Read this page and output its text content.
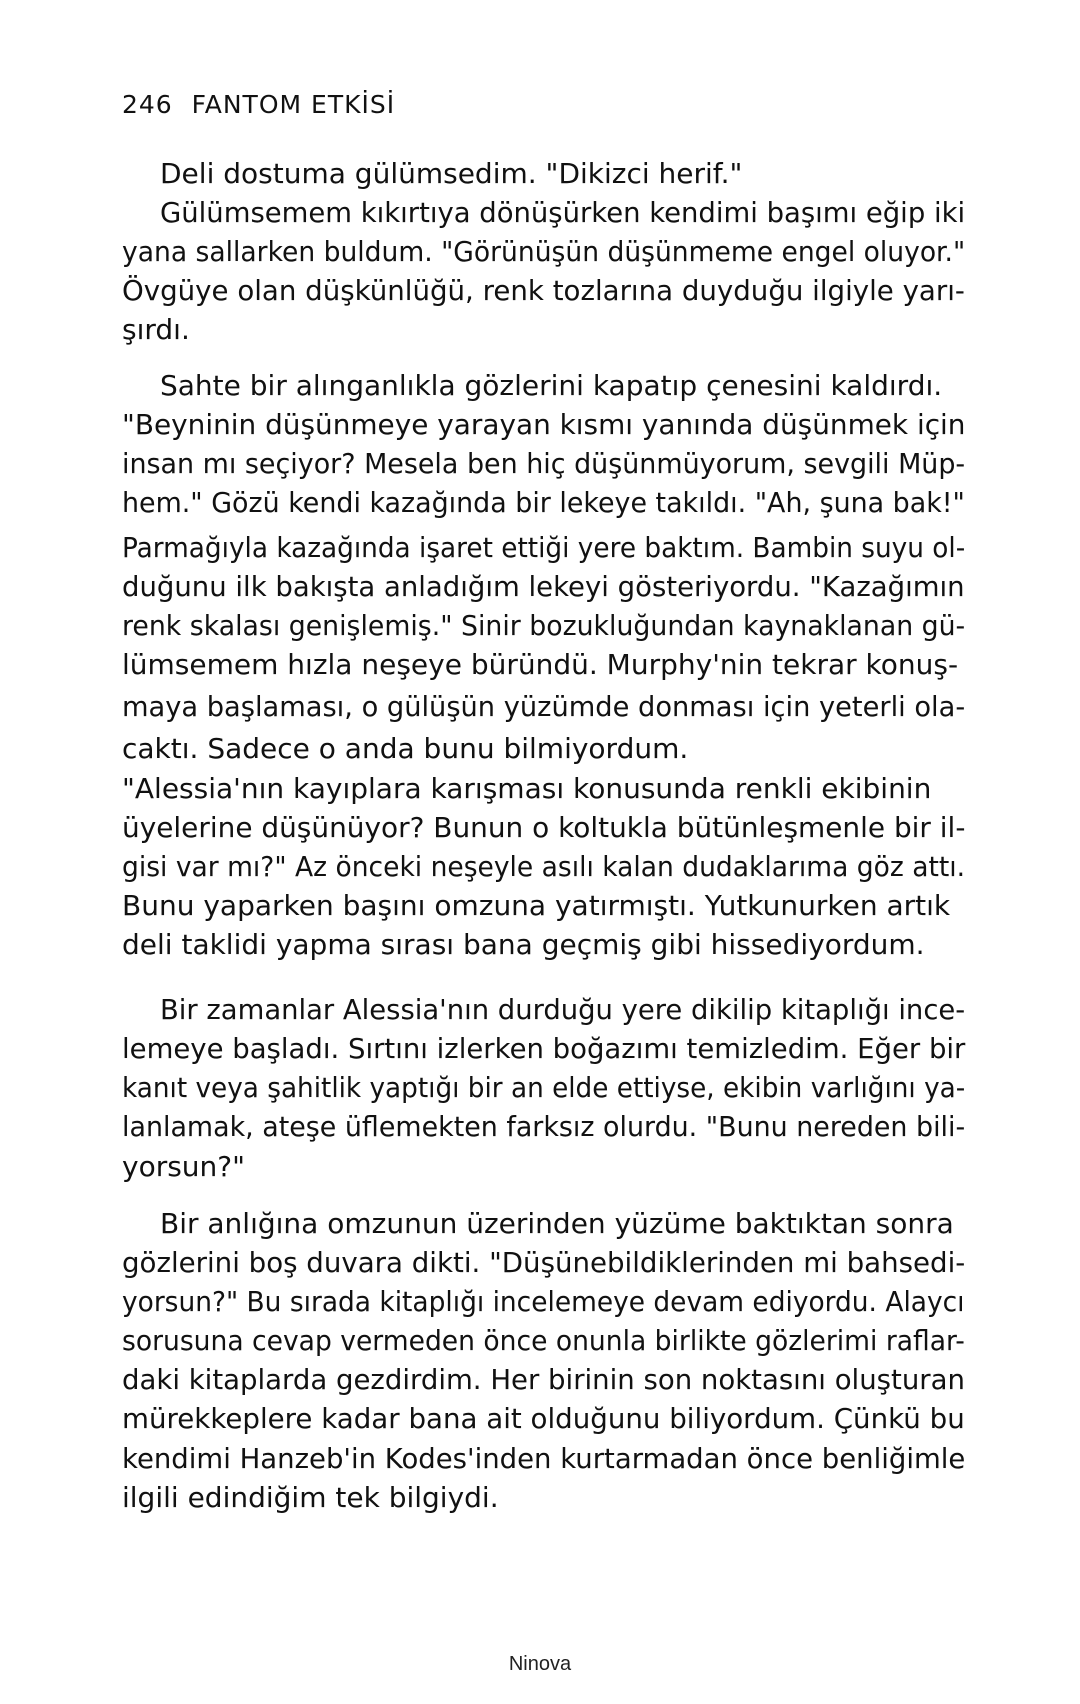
246 FANTOM ETKİSİ
Deli dostuma gülümsedim. "Dikizci herif."
Gülümsemem kıkırtıya dönüşürken kendimi başımı eğip iki
yana sallarken buldum. "Görünüşün düşünmeme engel oluyor."
Övgüye olan düşkünlüğü, renk tozlarına duyduğu ilgiyle yarı-
şırdı.
Sahte bir alınganlıkla gözlerini kapatıp çenesini kaldırdı.
"Beyninin düşünmeye yarayan kısmı yanında düşünmek için
insan mı seçiyor? Mesela ben hiç düşünmüyorum, sevgili Müp-
hem." Gözü kendi kazağında bir lekeye takıldı. "Ah, şuna bak!"
Parmağıyla kazağında işaret ettiği yere baktım. Bambin suyu ol-
duğunu ilk bakışta anladığım lekeyi gösteriyordu. "Kazağımın
renk skalası genişlemiş." Sinir bozukluğundan kaynaklanan gü-
lümsemem hızla neşeye büründü. Murphy'nin tekrar konuş-
maya başlaması, o gülüşün yüzümde donması için yeterli ola-
caktı. Sadece o anda bunu bilmiyordum.
"Alessia'nın kayıplara karışması konusunda renkli ekibinin
üyelerine düşünüyor? Bunun o koltukla bütünleşmenle bir il-
gisi var mı?" Az önceki neşeyle asılı kalan dudaklarıma göz attı.
Bunu yaparken başını omzuna yatırmıştı. Yutkunurken artık
deli taklidi yapma sırası bana geçmiş gibi hissediyordum.
Bir zamanlar Alessia'nın durduğu yere dikilip kitaplığı ince-
lemeye başladı. Sırtını izlerken boğazımı temizledim. Eğer bir
kanıt veya şahitlik yaptığı bir an elde ettiyse, ekibin varlığını ya-
lanlamak, ateşe üflemekten farksız olurdu. "Bunu nereden bili-
yorsun?"
Bir anlığına omzunun üzerinden yüzüme baktıktan sonra
gözlerini boş duvara dikti. "Düşünebildiklerinden mi bahsedi-
yorsun?" Bu sırada kitaplığı incelemeye devam ediyordu. Alaycı
sorusuna cevap vermeden önce onunla birlikte gözlerimi raflar-
daki kitaplarda gezdirdim. Her birinin son noktasını oluşturan
mürekkeplere kadar bana ait olduğunu biliyordum. Çünkü bu
kendimi Hanzeb'in Kodes'inden kurtarmadan önce benliğimle
ilgili edindiğim tek bilgiydi.
Ninova
